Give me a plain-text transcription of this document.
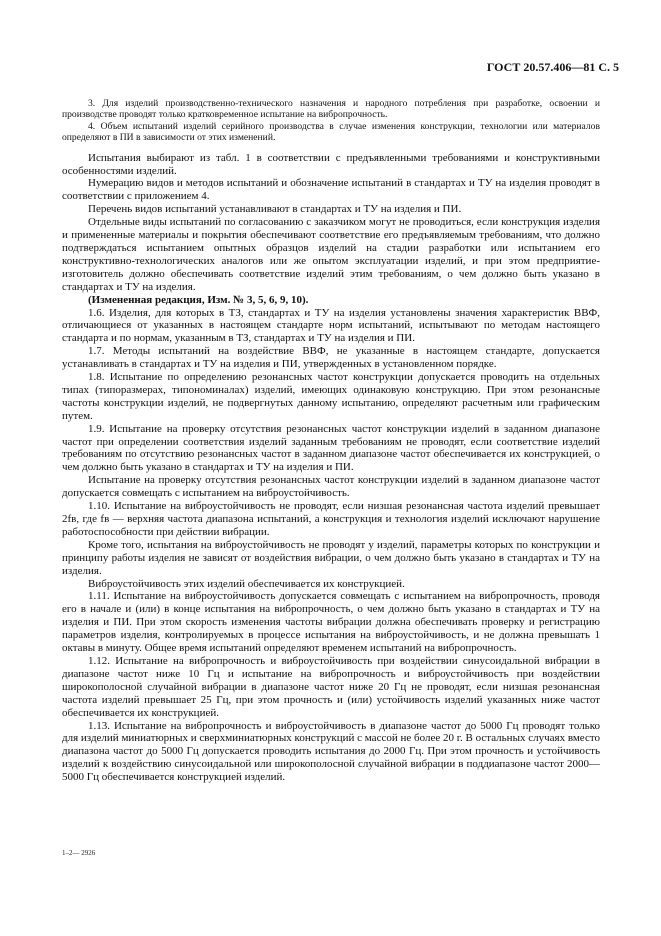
ГОСТ 20.57.406—81 С. 5

3. Для изделий производственно-технического назначения и народного потребления при разработке, освоении и производстве проводят только кратковременное испытание на вибропрочность.

4. Объем испытаний изделий серийного производства в случае изменения конструкции, технологии или материалов определяют в ПИ в зависимости от этих изменений.

Испытания выбирают из табл. 1 в соответствии с предъявленными требованиями и конструктивными особенностями изделий.

Нумерацию видов и методов испытаний и обозначение испытаний в стандартах и ТУ на изделия проводят в соответствии с приложением 4.

Перечень видов испытаний устанавливают в стандартах и ТУ на изделия и ПИ.

Отдельные виды испытаний по согласованию с заказчиком могут не проводиться, если конструкция изделия и примененные материалы и покрытия обеспечивают соответствие его предъявляемым требованиям, что должно подтверждаться испытанием опытных образцов изделий на стадии разработки или испытанием его конструктивно-технологических аналогов или же опытом эксплуатации изделий, и при этом предприятие-изготовитель должно обеспечивать соответствие изделий этим требованиям, о чем должно быть указано в стандартах и ТУ на изделия.

(Измененная редакция, Изм. № 3, 5, 6, 9, 10).

1.6. Изделия, для которых в ТЗ, стандартах и ТУ на изделия установлены значения характеристик ВВФ, отличающиеся от указанных в настоящем стандарте норм испытаний, испытывают по методам настоящего стандарта и по нормам, указанным в ТЗ, стандартах и ТУ на изделия и ПИ.

1.7. Методы испытаний на воздействие ВВФ, не указанные в настоящем стандарте, допускается устанавливать в стандартах и ТУ на изделия и ПИ, утвержденных в установленном порядке.

1.8. Испытание по определению резонансных частот конструкции допускается проводить на отдельных типах (типоразмерах, типономиналах) изделий, имеющих одинаковую конструкцию. При этом резонансные частоты конструкции изделий, не подвергнутых данному испытанию, определяют расчетным или графическим путем.

1.9. Испытание на проверку отсутствия резонансных частот конструкции изделий в заданном диапазоне частот при определении соответствия изделий заданным требованиям не проводят, если соответствие изделий требованиям по отсутствию резонансных частот в заданном диапазоне частот обеспечивается их конструкцией, о чем должно быть указано в стандартах и ТУ на изделия и ПИ.

Испытание на проверку отсутствия резонансных частот конструкции изделий в заданном диапазоне частот допускается совмещать с испытанием на виброустойчивость.

1.10. Испытание на виброустойчивость не проводят, если низшая резонансная частота изделий превышает 2fв, где fв — верхняя частота диапазона испытаний, а конструкция и технология изделий исключают нарушение работоспособности при действии вибрации.

Кроме того, испытания на виброустойчивость не проводят у изделий, параметры которых по конструкции и принципу работы изделия не зависят от воздействия вибрации, о чем должно быть указано в стандартах и ТУ на изделия.

Виброустойчивость этих изделий обеспечивается их конструкцией.

1.11. Испытание на виброустойчивость допускается совмещать с испытанием на вибропрочность, проводя его в начале и (или) в конце испытания на вибропрочность, о чем должно быть указано в стандартах и ТУ на изделия и ПИ. При этом скорость изменения частоты вибрации должна обеспечивать проверку и регистрацию параметров изделия, контролируемых в процессе испытания на виброустойчивость, и не должна превышать 1 октавы в минуту. Общее время испытаний определяют временем испытаний на вибропрочность.

1.12. Испытание на вибропрочность и виброустойчивость при воздействии синусоидальной вибрации в диапазоне частот ниже 10 Гц и испытание на вибропрочность и виброустойчивость при воздействии широкополосной случайной вибрации в диапазоне частот ниже 20 Гц не проводят, если низшая резонансная частота изделий превышает 25 Гц, при этом прочность и (или) устойчивость изделий указанных ниже частот обеспечивается их конструкцией.

1.13. Испытание на вибропрочность и виброустойчивость в диапазоне частот до 5000 Гц проводят только для изделий миниатюрных и сверхминиатюрных конструкций с массой не более 20 г. В остальных случаях вместо диапазона частот до 5000 Гц допускается проводить испытания до 2000 Гц. При этом прочность и устойчивость изделий к воздействию синусоидальной или широкополосной случайной вибрации в поддиапазоне частот 2000—5000 Гц обеспечивается конструкцией изделий.

1–2— 2926
